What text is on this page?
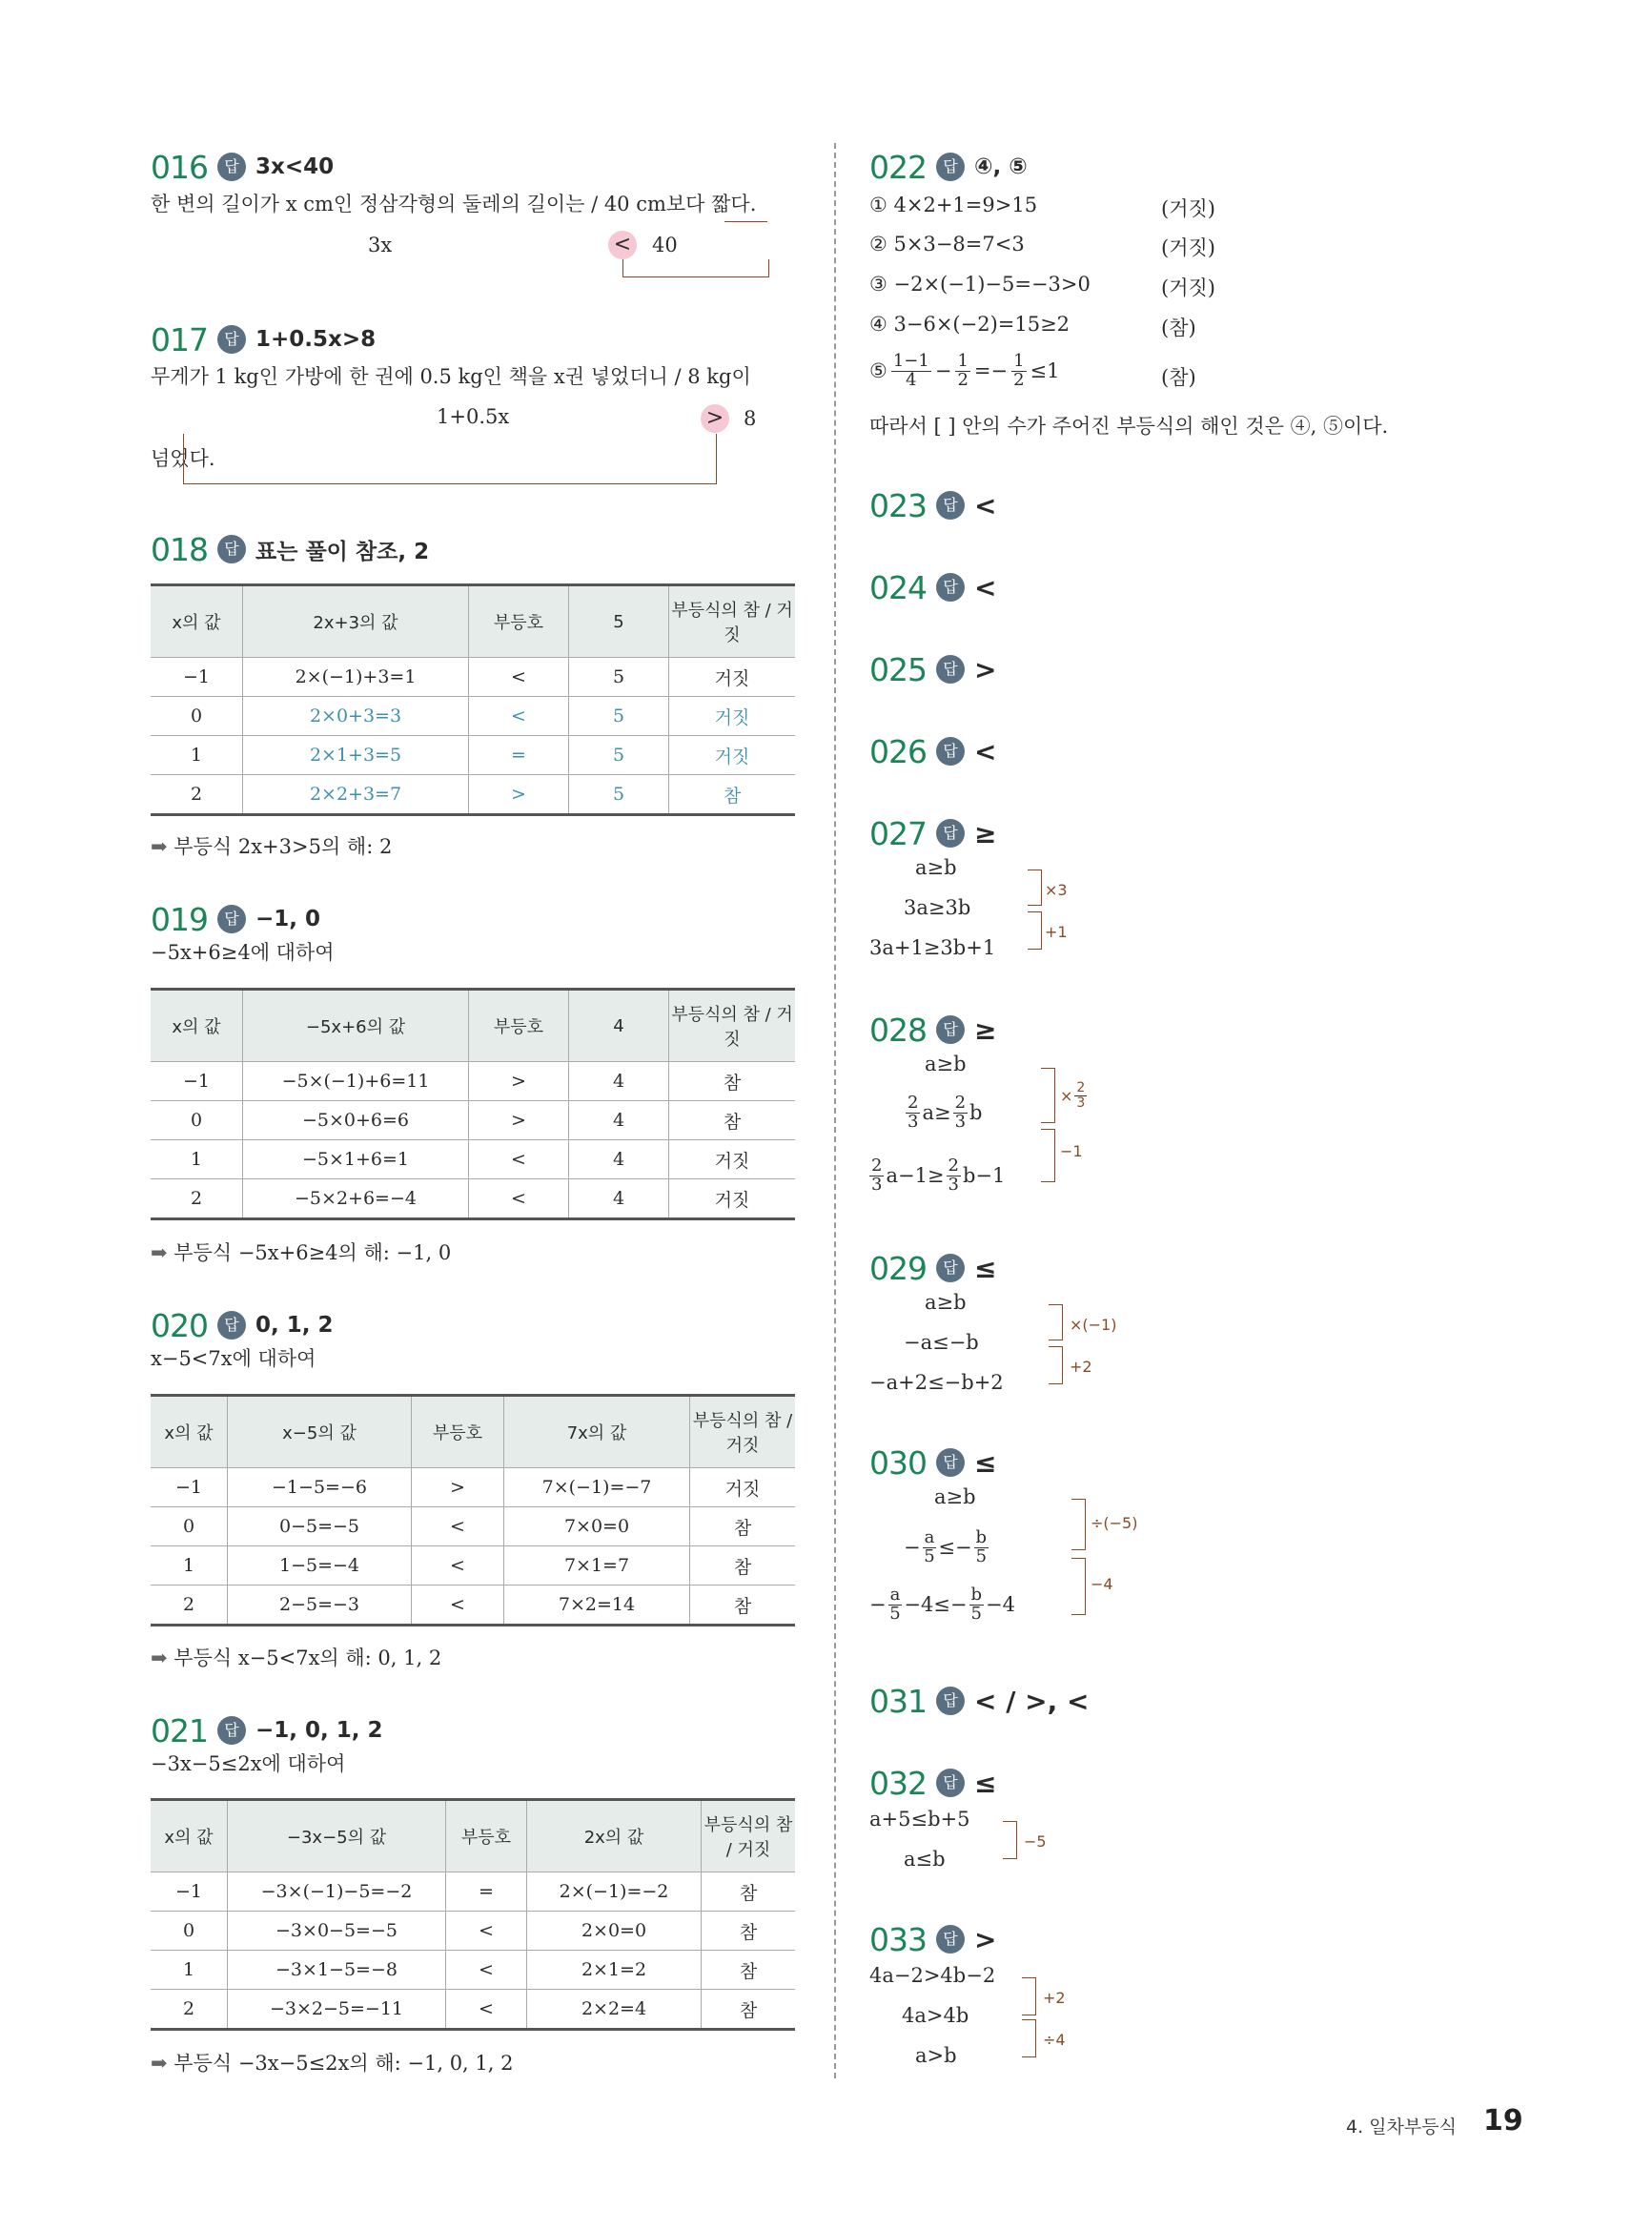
016	답 3x<40
한 변의 길이가 x cm인 정삼각형의 둘레의 길이는 / 40 cm보다 짧다.
3x	< 40
017	답 1+0.5x>8
무게가 1 kg인 가방에 한 권에 0.5 kg인 책을 x권 넣었더니 / 8 kg이
1+0.5x	> 8
넘었다.
018	답 표는 풀이 참조, 2
x의 값	2x+3의 값	부등호	5	부등식의 참 / 거짓
−1	2×(−1)+3=1	<	5	거짓
0	2×0+3=3	<	5	거짓
1	2×1+3=5	=	5	거짓
2	2×2+3=7	>	5	참
➡ 부등식 2x+3>5의 해: 2
019	답 −1, 0
−5x+6≥4에 대하여
x의 값	−5x+6의 값	부등호	4	부등식의 참 / 거짓
−1	−5×(−1)+6=11	>	4	참
0	−5×0+6=6	>	4	참
1	−5×1+6=1	<	4	거짓
2	−5×2+6=−4	<	4	거짓
➡ 부등식 −5x+6≥4의 해: −1, 0
020	답 0, 1, 2
x−5<7x에 대하여
x의 값	x−5의 값	부등호	7x의 값	부등식의 참 / 거짓
−1	−1−5=−6	>	7×(−1)=−7	거짓
0	0−5=−5	<	7×0=0	참
1	1−5=−4	<	7×1=7	참
2	2−5=−3	<	7×2=14	참
➡ 부등식 x−5<7x의 해: 0, 1, 2
021	답 −1, 0, 1, 2
−3x−5≤2x에 대하여
x의 값	−3x−5의 값	부등호	2x의 값	부등식의 참 / 거짓
−1	−3×(−1)−5=−2	=	2×(−1)=−2	참
0	−3×0−5=−5	<	2×0=0	참
1	−3×1−5=−8	<	2×1=2	참
2	−3×2−5=−11	<	2×2=4	참
➡ 부등식 −3x−5≤2x의 해: −1, 0, 1, 2
022	답 ④, ⑤
① 4×2+1=9>15	(거짓)
② 5×3−8=7<3	(거짓)
③ −2×(−1)−5=−3>0	(거짓)
④ 3−6×(−2)=15≥2	(참)
⑤ $\frac{1-1}{4} - \frac{1}{2} =- \frac{1}{2} \le 1$	(참)
따라서 [ ] 안의 수가 주어진 부등식의 해인 것은 ④, ⑤이다.
023	답 <
024	답 <
025	답 >
026	답 <
027	답 ≥
a≥b
3a≥3b
3a+1≥3b+1
×3
+1
028	답 ≥
a≥b
$\frac{2}{3} a\ge \frac{2}{3}$ b
$\frac{2}{3} a-1\ge \frac{2}{3} b-1$
× $\frac{2}{3}$
−1
029	답 ≤
a≥b
−a≤−b
−a+2≤−b+2
×(−1)
+2
030	답 ≤
a≥b
− $\frac{a}{5} \le- \frac{b}{5}$
− $\frac{a}{5} -4\le- \frac{b}{5} -4$
÷(−5)
−4
031	답 < / >, <
032	답 ≤
a+5≤b+5
a≤b
−5
033	답 >
4a−2>4b−2
4a>4b
a>b
+2
÷4
4. 일차부등식 19
